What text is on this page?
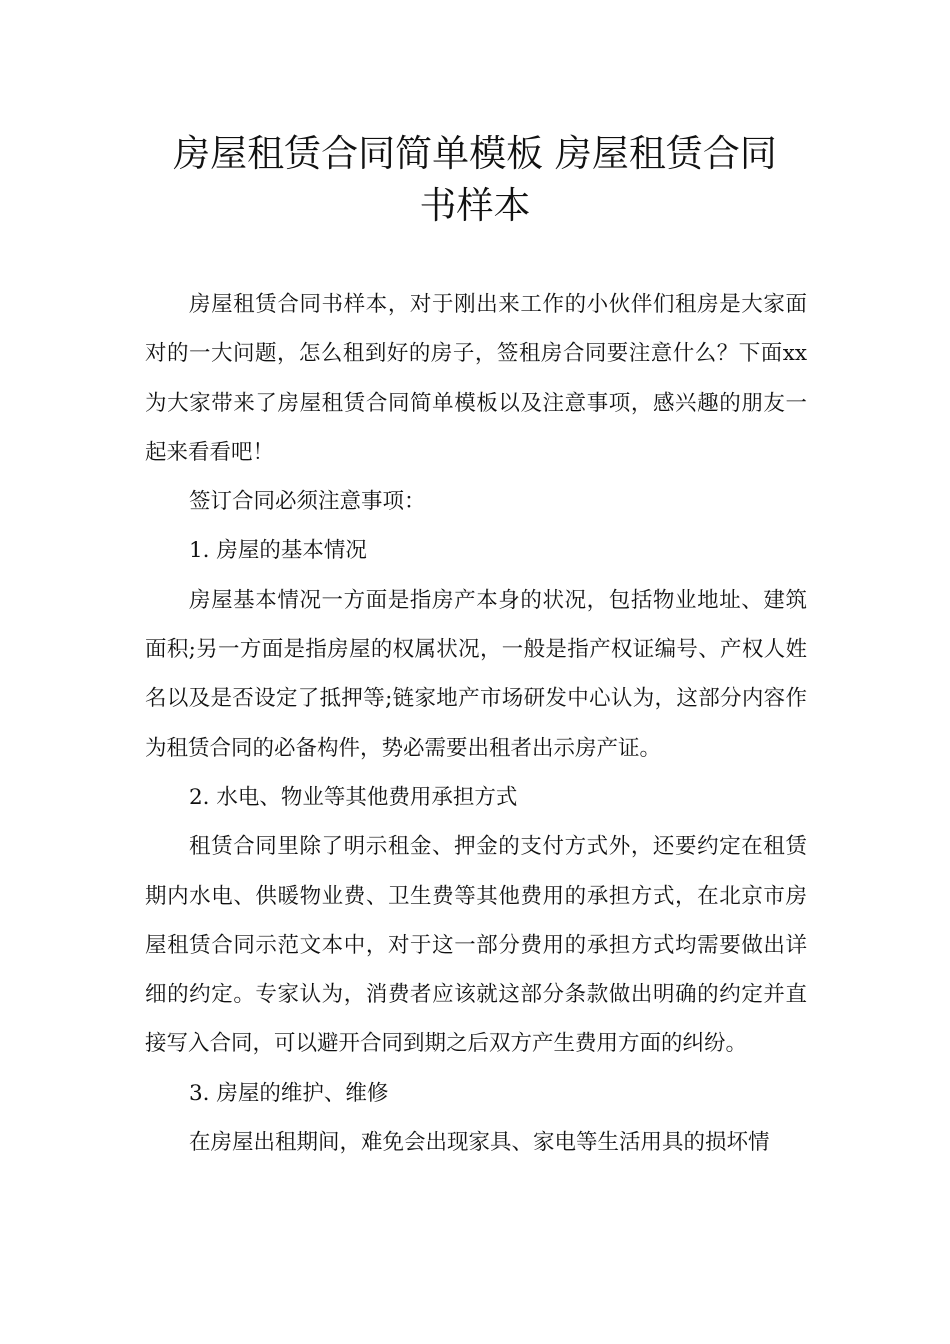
房屋租赁合同简单模板 房屋租赁合同
书样本

房屋租赁合同书样本，对于刚出来工作的小伙伴们租房是大家面对的一大问题，怎么租到好的房子，签租房合同要注意什么？下面xx为大家带来了房屋租赁合同简单模板以及注意事项，感兴趣的朋友一起来看看吧！

签订合同必须注意事项：

1. 房屋的基本情况

房屋基本情况一方面是指房产本身的状况，包括物业地址、建筑面积;另一方面是指房屋的权属状况，一般是指产权证编号、产权人姓名以及是否设定了抵押等;链家地产市场研发中心认为，这部分内容作为租赁合同的必备构件，势必需要出租者出示房产证。

2. 水电、物业等其他费用承担方式

租赁合同里除了明示租金、押金的支付方式外，还要约定在租赁期内水电、供暖物业费、卫生费等其他费用的承担方式，在北京市房屋租赁合同示范文本中，对于这一部分费用的承担方式均需要做出详细的约定。专家认为，消费者应该就这部分条款做出明确的约定并直接写入合同，可以避开合同到期之后双方产生费用方面的纠纷。

3. 房屋的维护、维修

在房屋出租期间，难免会出现家具、家电等生活用具的损坏情
